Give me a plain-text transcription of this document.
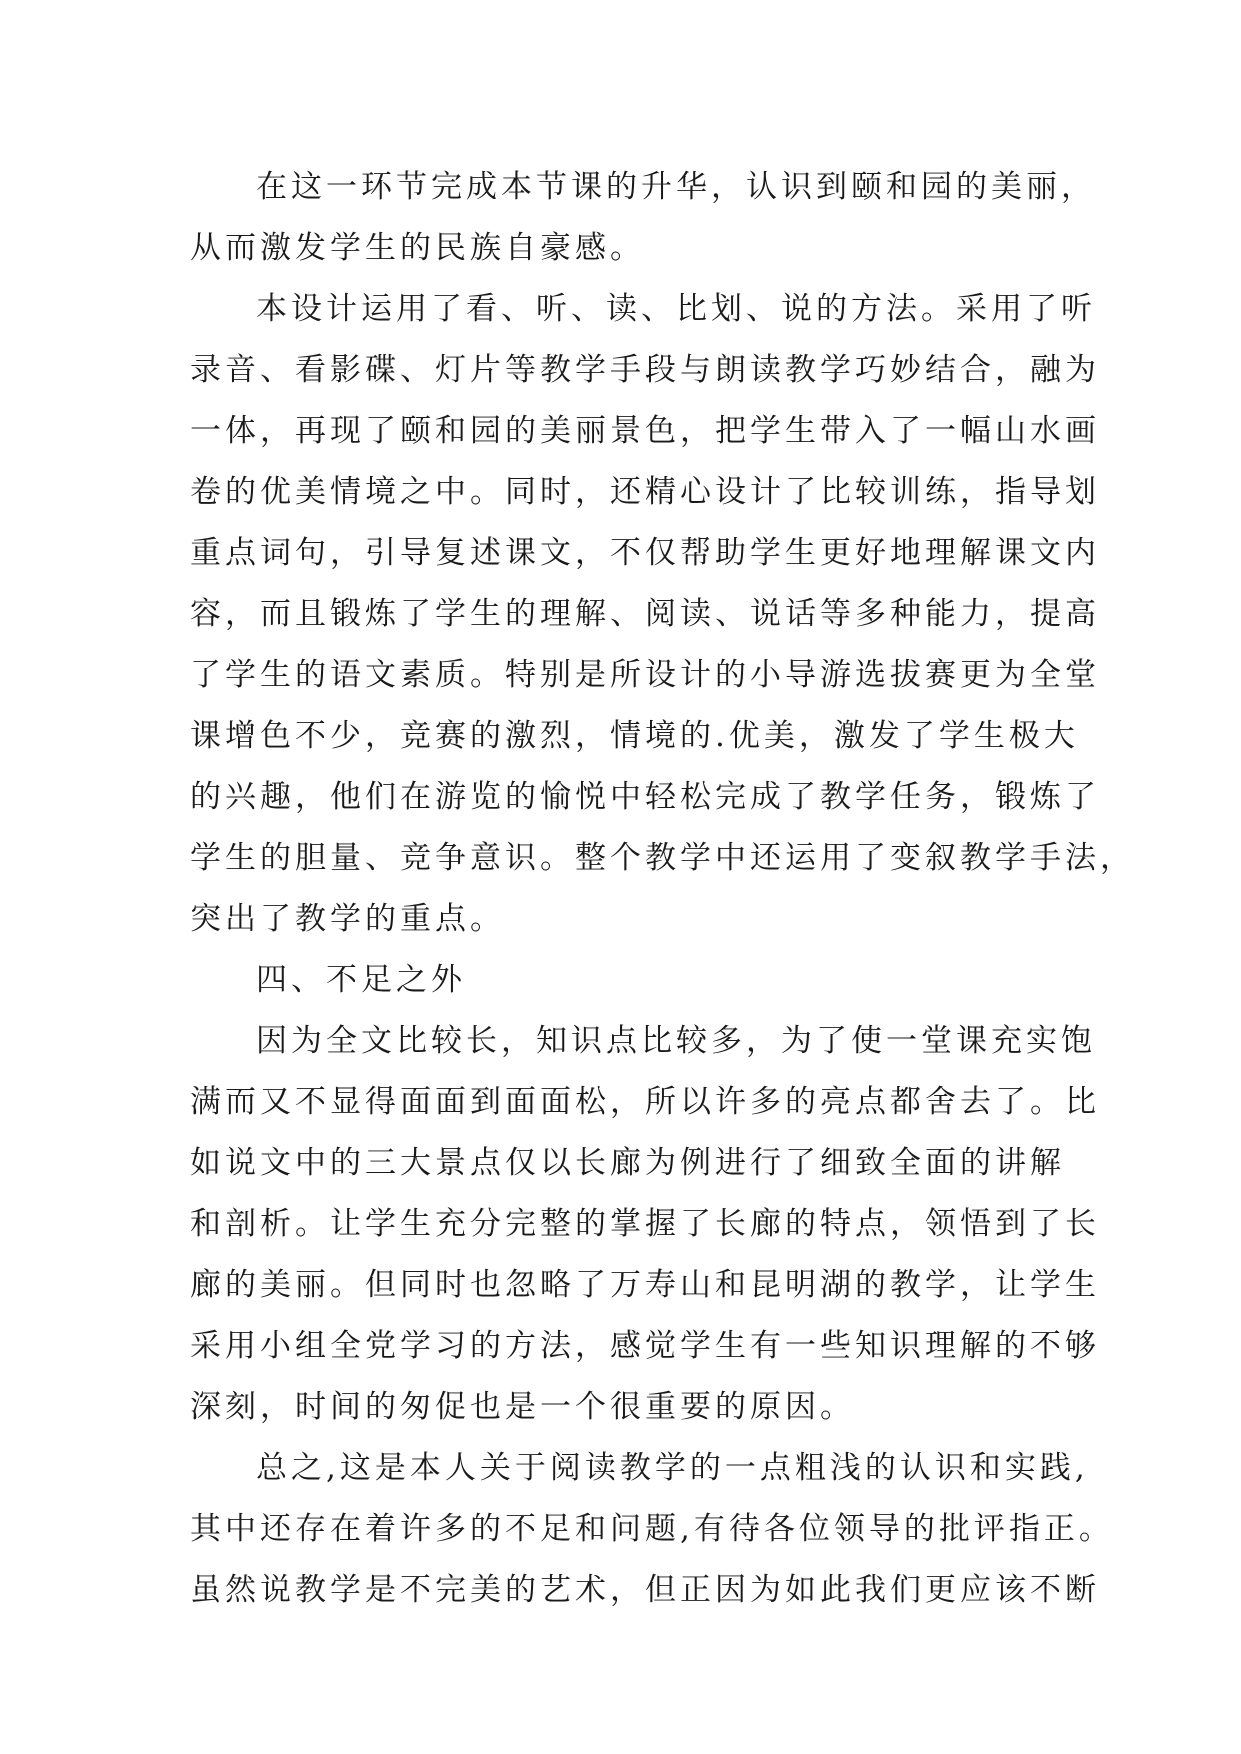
在这一环节完成本节课的升华，认识到颐和园的美丽，
从而激发学生的民族自豪感。
本设计运用了看、听、读、比划、说的方法。采用了听
录音、看影碟、灯片等教学手段与朗读教学巧妙结合，融为
一体，再现了颐和园的美丽景色，把学生带入了一幅山水画
卷的优美情境之中。同时，还精心设计了比较训练，指导划
重点词句，引导复述课文，不仅帮助学生更好地理解课文内
容，而且锻炼了学生的理解、阅读、说话等多种能力，提高
了学生的语文素质。特别是所设计的小导游选拔赛更为全堂
课增色不少，竞赛的激烈，情境的.优美，激发了学生极大
的兴趣，他们在游览的愉悦中轻松完成了教学任务，锻炼了
学生的胆量、竞争意识。整个教学中还运用了变叙教学手法，
突出了教学的重点。
四、不足之外
因为全文比较长，知识点比较多，为了使一堂课充实饱
满而又不显得面面到面面松，所以许多的亮点都舍去了。比
如说文中的三大景点仅以长廊为例进行了细致全面的讲解
和剖析。让学生充分完整的掌握了长廊的特点，领悟到了长
廊的美丽。但同时也忽略了万寿山和昆明湖的教学，让学生
采用小组全党学习的方法，感觉学生有一些知识理解的不够
深刻，时间的匆促也是一个很重要的原因。
总之,这是本人关于阅读教学的一点粗浅的认识和实践,
其中还存在着许多的不足和问题,有待各位领导的批评指正。
虽然说教学是不完美的艺术，但正因为如此我们更应该不断
